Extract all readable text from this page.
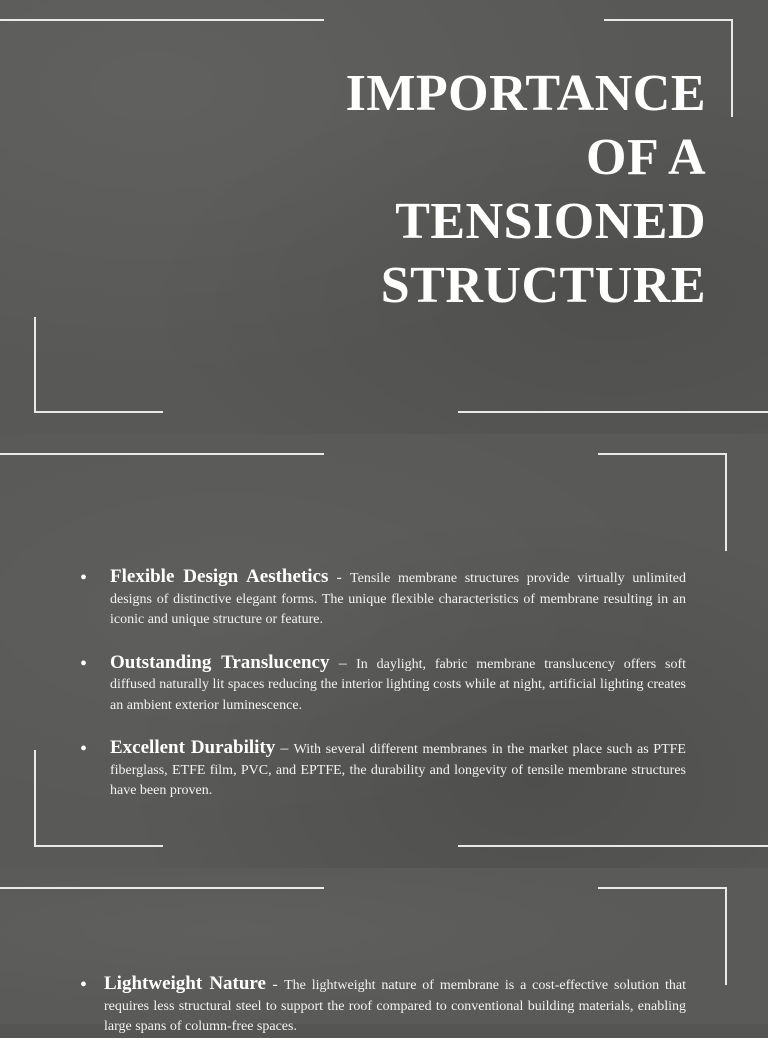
IMPORTANCE
OF A
TENSIONED
STRUCTURE
• Flexible Design Aesthetics - Tensile membrane structures provide virtually unlimited designs of distinctive elegant forms. The unique flexible characteristics of membrane resulting in an iconic and unique structure or feature.

• Outstanding Translucency – In daylight, fabric membrane translucency offers soft diffused naturally lit spaces reducing the interior lighting costs while at night, artificial lighting creates an ambient exterior luminescence.

• Excellent Durability – With several different membranes in the market place such as PTFE fiberglass, ETFE film, PVC, and EPTFE, the durability and longevity of tensile membrane structures have been proven.

• Lightweight Nature - The lightweight nature of membrane is a cost-effective solution that requires less structural steel to support the roof compared to conventional building materials, enabling large spans of column-free spaces.
